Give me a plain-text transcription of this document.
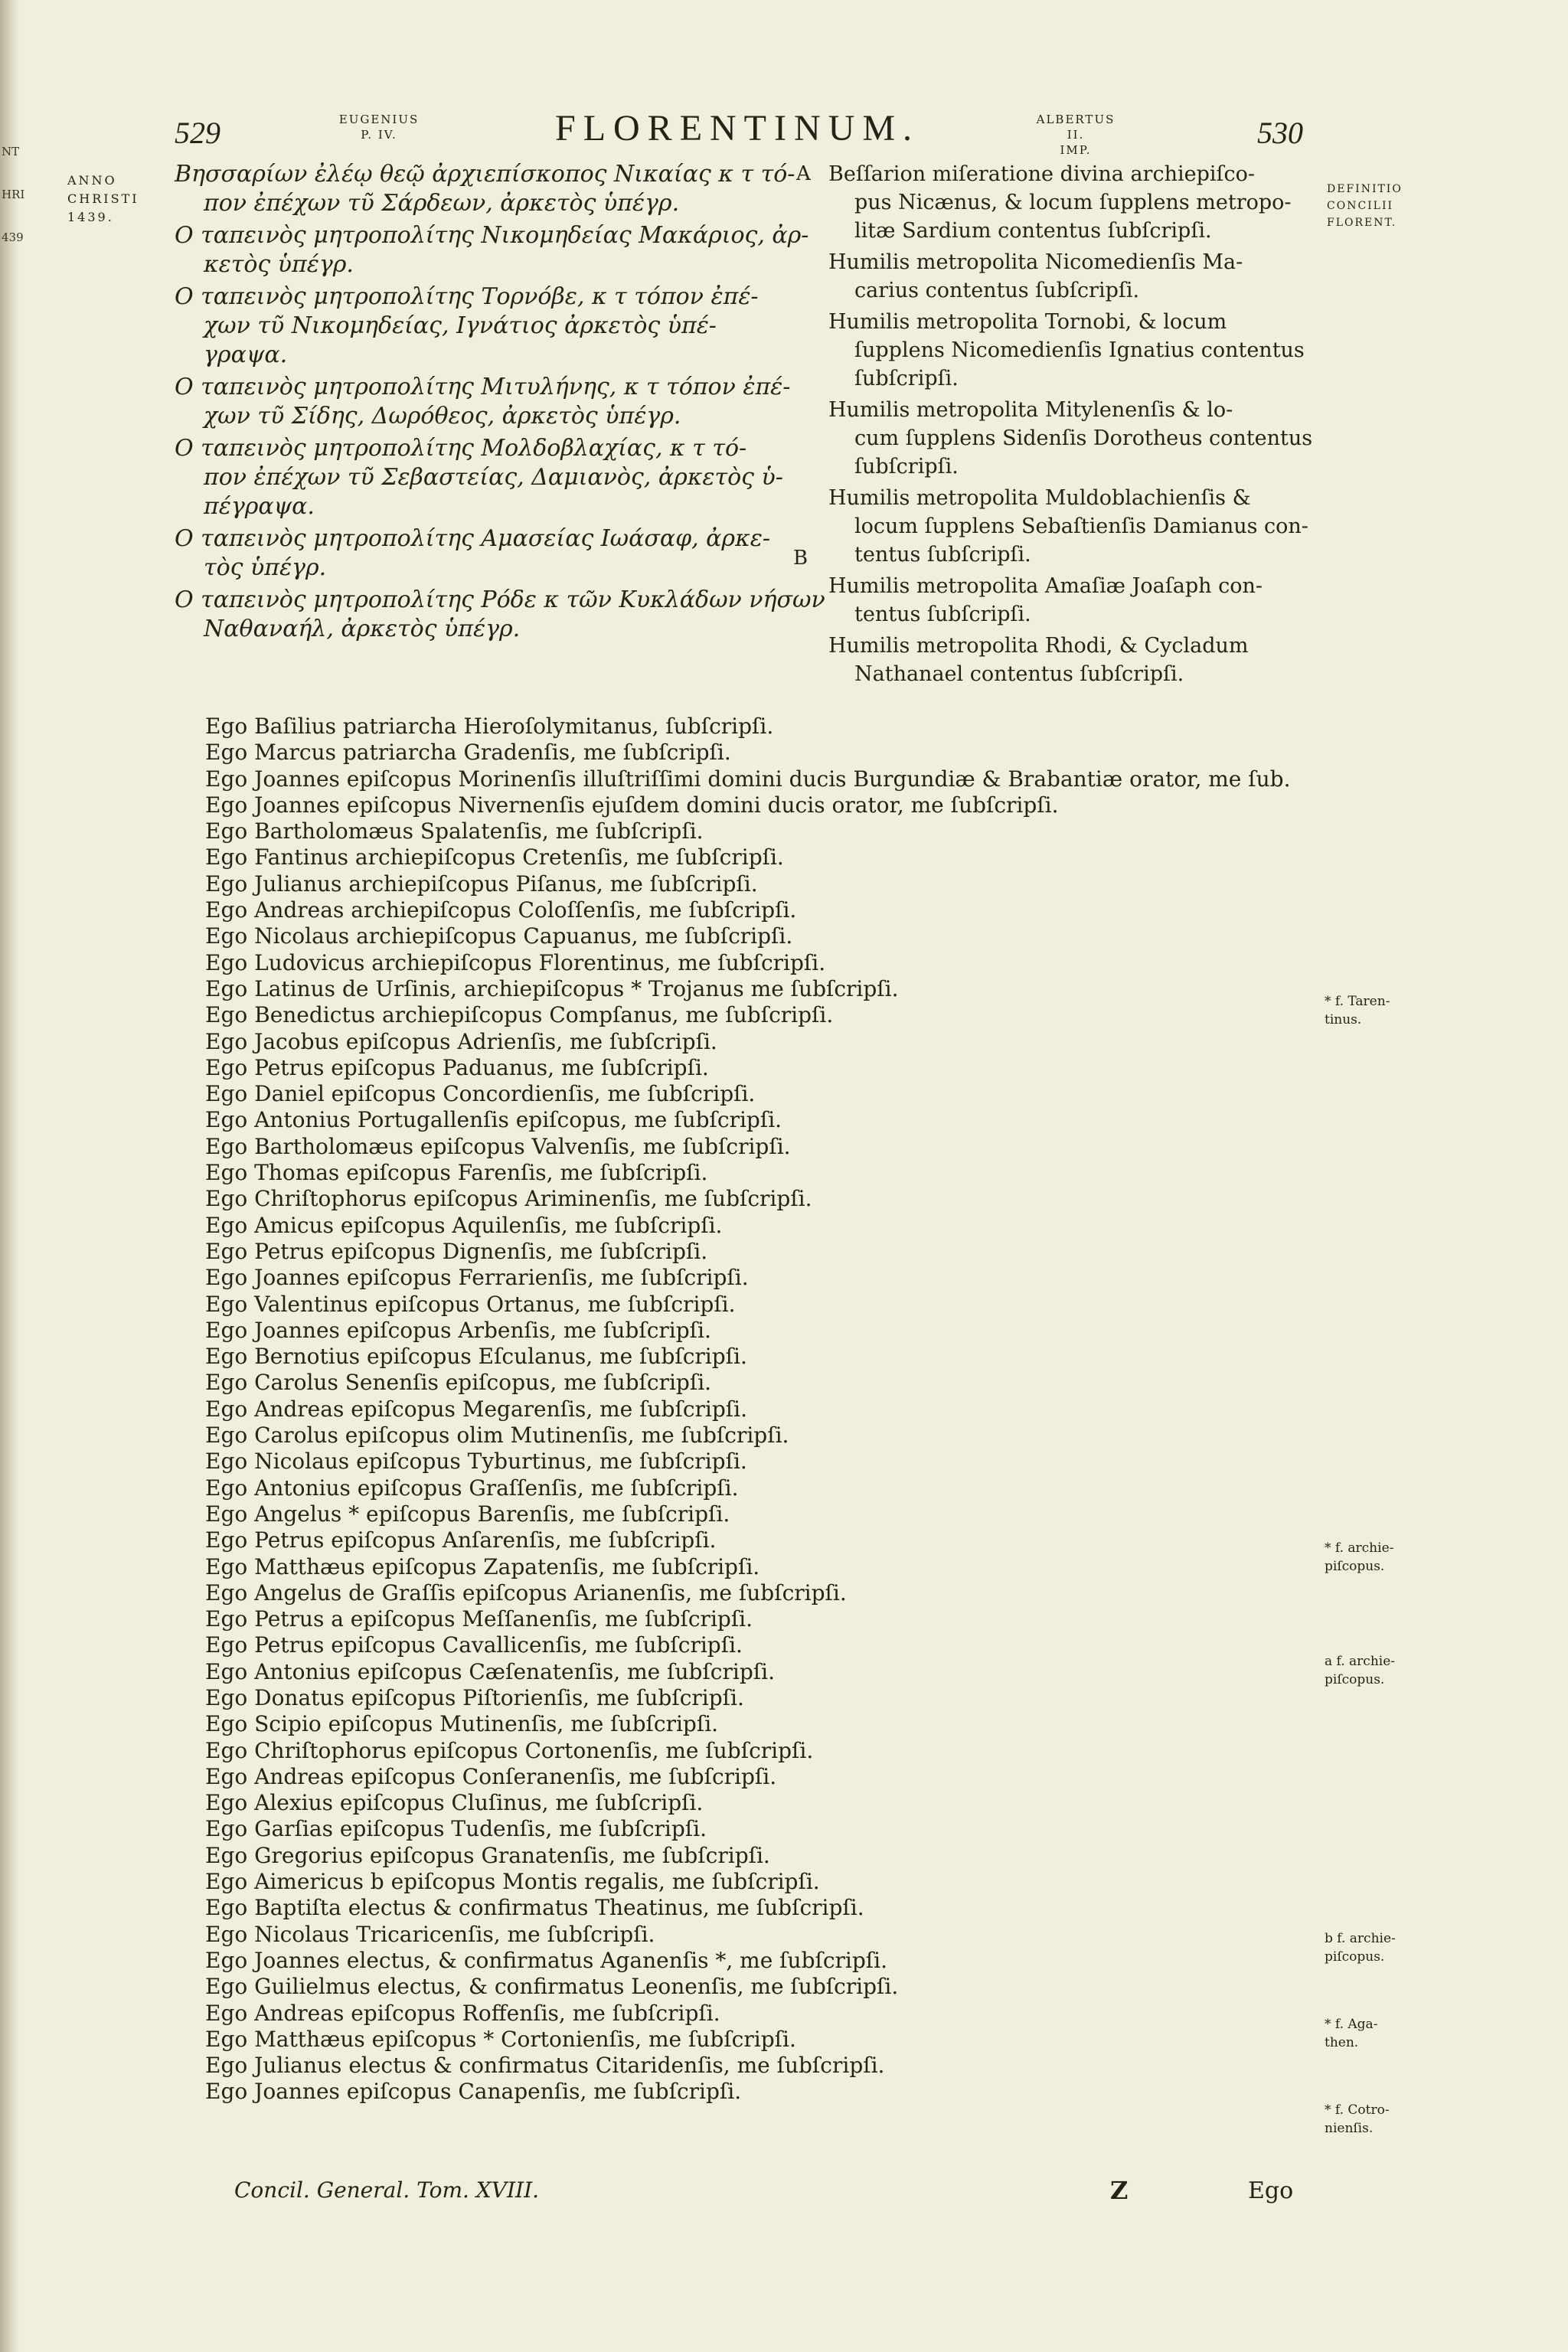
NT
HRI
439
529	EUGENIUS
P. IV.	FLORENTINUM.	ALBERTUS II.
IMP.	530
ANNO
CHRISTI
1439.
A
B
Βησσαρίων ἐλέῳ θεῷ ἀρχιεπίσκοπος Νικαίας κ τ τό-
πον ἐπέχων τῦ Σάρδεων, ἀρκετὸς ὑπέγρ.
Ο ταπεινὸς μητροπολίτης Νικομηδείας Μακάριος, ἀρ-
κετὸς ὑπέγρ.
Ο ταπεινὸς μητροπολίτης Τορνόβε, κ τ τόπον ἐπέ-
χων τῦ Νικομηδείας, Ιγνάτιος ἀρκετὸς ὑπέ-
γραψα.
Ο ταπεινὸς μητροπολίτης Μιτυλήνης, κ τ τόπον ἐπέ-
χων τῦ Σίδης, Δωρόθεος, ἀρκετὸς ὑπέγρ.
Ο ταπεινὸς μητροπολίτης Μολδοβλαχίας, κ τ τό-
πον ἐπέχων τῦ Σεβαστείας, Δαμιανὸς, ἀρκετὸς ὑ-
πέγραψα.
Ο ταπεινὸς μητροπολίτης Αμασείας Ιωάσαφ, ἀρκε-
τὸς ὑπέγρ.
Ο ταπεινὸς μητροπολίτης Ρόδε κ τῶν Κυκλάδων νήσων
Ναθαναήλ, ἀρκετὸς ὑπέγρ.
Beſſarion miſeratione divina archiepiſco-
pus Nicænus, & locum ſupplens metropo-
litæ Sardium contentus ſubſcripſi.
Humilis metropolita Nicomedienſis Ma-
carius contentus ſubſcripſi.
Humilis metropolita Tornobi, & locum
ſupplens Nicomedienſis Ignatius contentus
ſubſcripſi.
Humilis metropolita Mitylenenſis & lo-
cum ſupplens Sidenſis Dorotheus contentus
ſubſcripſi.
Humilis metropolita Muldoblachienſis &
locum ſupplens Sebaſtienſis Damianus con-
tentus ſubſcripſi.
Humilis metropolita Amaſiæ Joaſaph con-
tentus ſubſcripſi.
Humilis metropolita Rhodi, & Cycladum
Nathanael contentus ſubſcripſi.
DEFINITIO
CONCILII
FLORENT.
Ego Baſilius patriarcha Hieroſolymitanus, ſubſcripſi.
Ego Marcus patriarcha Gradenſis, me ſubſcripſi.
Ego Joannes epiſcopus Morinenſis illuſtriſſimi domini ducis Burgundiæ & Brabantiæ orator, me ſub.
Ego Joannes epiſcopus Nivernenſis ejuſdem domini ducis orator, me ſubſcripſi.
Ego Bartholomæus Spalatenſis, me ſubſcripſi.
Ego Fantinus archiepiſcopus Cretenſis, me ſubſcripſi.
Ego Julianus archiepiſcopus Piſanus, me ſubſcripſi.
Ego Andreas archiepiſcopus Coloſſenſis, me ſubſcripſi.
Ego Nicolaus archiepiſcopus Capuanus, me ſubſcripſi.
Ego Ludovicus archiepiſcopus Florentinus, me ſubſcripſi.
Ego Latinus de Urſinis, archiepiſcopus * Trojanus me ſubſcripſi.
Ego Benedictus archiepiſcopus Compſanus, me ſubſcripſi.
Ego Jacobus epiſcopus Adrienſis, me ſubſcripſi.
Ego Petrus epiſcopus Paduanus, me ſubſcripſi.
Ego Daniel epiſcopus Concordienſis, me ſubſcripſi.
Ego Antonius Portugallenſis epiſcopus, me ſubſcripſi.
Ego Bartholomæus epiſcopus Valvenſis, me ſubſcripſi.
Ego Thomas epiſcopus Farenſis, me ſubſcripſi.
Ego Chriſtophorus epiſcopus Ariminenſis, me ſubſcripſi.
Ego Amicus epiſcopus Aquilenſis, me ſubſcripſi.
Ego Petrus epiſcopus Dignenſis, me ſubſcripſi.
Ego Joannes epiſcopus Ferrarienſis, me ſubſcripſi.
Ego Valentinus epiſcopus Ortanus, me ſubſcripſi.
Ego Joannes epiſcopus Arbenſis, me ſubſcripſi.
Ego Bernotius epiſcopus Eſculanus, me ſubſcripſi.
Ego Carolus Senenſis epiſcopus, me ſubſcripſi.
Ego Andreas epiſcopus Megarenſis, me ſubſcripſi.
Ego Carolus epiſcopus olim Mutinenſis, me ſubſcripſi.
Ego Nicolaus epiſcopus Tyburtinus, me ſubſcripſi.
Ego Antonius epiſcopus Graſſenſis, me ſubſcripſi.
Ego Angelus * epiſcopus Barenſis, me ſubſcripſi.
Ego Petrus epiſcopus Anſarenſis, me ſubſcripſi.
Ego Matthæus epiſcopus Zapatenſis, me ſubſcripſi.
Ego Angelus de Graſſis epiſcopus Arianenſis, me ſubſcripſi.
Ego Petrus a epiſcopus Meſſanenſis, me ſubſcripſi.
Ego Petrus epiſcopus Cavallicenſis, me ſubſcripſi.
Ego Antonius epiſcopus Cæſenatenſis, me ſubſcripſi.
Ego Donatus epiſcopus Piſtorienſis, me ſubſcripſi.
Ego Scipio epiſcopus Mutinenſis, me ſubſcripſi.
Ego Chriſtophorus epiſcopus Cortonenſis, me ſubſcripſi.
Ego Andreas epiſcopus Conſeranenſis, me ſubſcripſi.
Ego Alexius epiſcopus Cluſinus, me ſubſcripſi.
Ego Garſias epiſcopus Tudenſis, me ſubſcripſi.
Ego Gregorius epiſcopus Granatenſis, me ſubſcripſi.
Ego Aimericus b epiſcopus Montis regalis, me ſubſcripſi.
Ego Baptiſta electus & confirmatus Theatinus, me ſubſcripſi.
Ego Nicolaus Tricaricenſis, me ſubſcripſi.
Ego Joannes electus, & confirmatus Aganenſis *, me ſubſcripſi.
Ego Guilielmus electus, & confirmatus Leonenſis, me ſubſcripſi.
Ego Andreas epiſcopus Roffenſis, me ſubſcripſi.
Ego Matthæus epiſcopus * Cortonienſis, me ſubſcripſi.
Ego Julianus electus & confirmatus Citaridenſis, me ſubſcripſi.
Ego Joannes epiſcopus Canapenſis, me ſubſcripſi.
* f. Taren-
tinus.
* f. archie-
piſcopus.
a f. archie-
piſcopus.
b f. archie-
piſcopus.
* f. Aga-
then.
* f. Cotro-
nienſis.
Concil. General. Tom. XVIII.	Z	Ego
